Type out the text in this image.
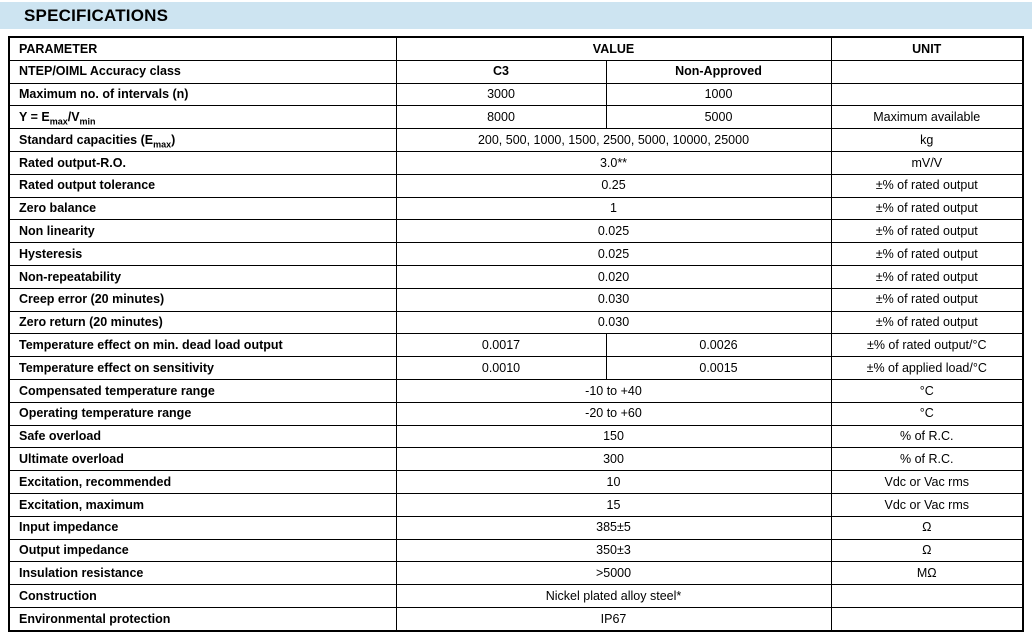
SPECIFICATIONS
PARAMETER	VALUE		UNIT
NTEP/OIML Accuracy class	C3	Non-Approved	
Maximum no. of intervals (n)	3000	1000	
$Y = E_{max}/V_{min}$	8000	5000	Maximum available
Standard capacities $(E_{max})$	200, 500, 1000, 1500, 2500, 5000, 10000, 25000		kg
Rated output-R.O.	3.0**		mV/V
Rated output tolerance	0.25		±% of rated output
Zero balance	1		±% of rated output
Non linearity	0.025		±% of rated output
Hysteresis	0.025		±% of rated output
Non-repeatability	0.020		±% of rated output
Creep error (20 minutes)	0.030		±% of rated output
Zero return (20 minutes)	0.030		±% of rated output
Temperature effect on min. dead load output	0.0017	0.0026	±% of rated output/°C
Temperature effect on sensitivity	0.0010	0.0015	±% of applied load/°C
Compensated temperature range	-10 to +40		°C
Operating temperature range	-20 to +60		°C
Safe overload	150		% of R.C.
Ultimate overload	300		% of R.C.
Excitation, recommended	10		Vdc or Vac rms
Excitation, maximum	15		Vdc or Vac rms
Input impedance	385±5		Ω
Output impedance	350±3		Ω
Insulation resistance	>5000		MΩ
Construction	Nickel plated alloy steel*		
Environmental protection	IP67		
